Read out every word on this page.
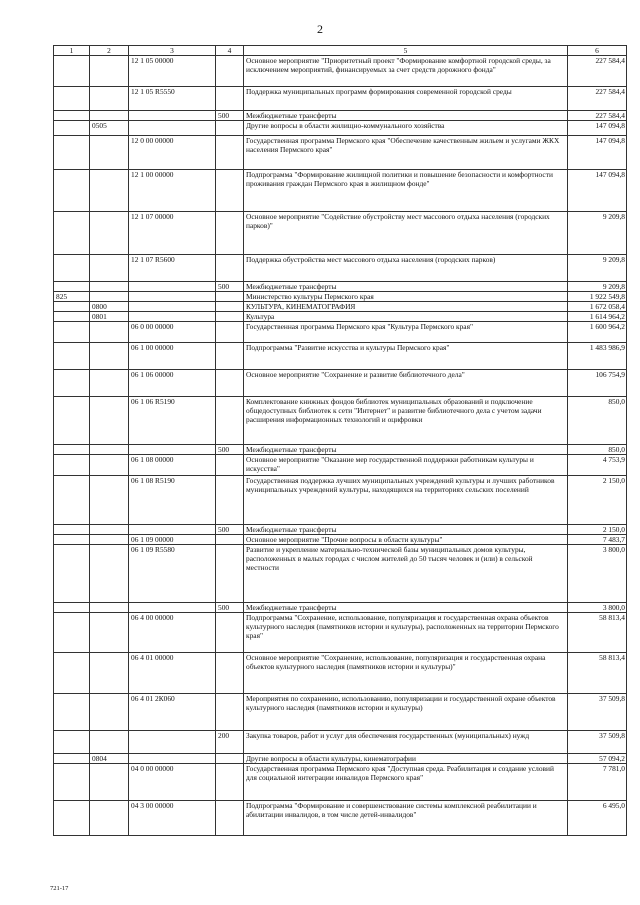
2
1	2	3	4	5	6
		12 1 05 00000		Основное мероприятие "Приоритетный проект "Формирование комфортной городской среды, за исключением мероприятий, финансируемых за счет средств дорожного фонда"	227 584,4
		12 1 05 R5550		Поддержка муниципальных программ формирования современной городской среды	227 584,4
			500	Межбюджетные трансферты	227 584,4
	0505			Другие вопросы в области жилищно-коммунального хозяйства	147 094,8
		12 0 00 00000		Государственная программа Пермского края "Обеспечение качественным жильем и услугами ЖКХ населения Пермского края"	147 094,8
		12 1 00 00000		Подпрограмма "Формирование жилищной политики и повышение безопасности и комфортности проживания граждан Пермского края в жилищном фонде"	147 094,8
		12 1 07 00000		Основное мероприятие "Содействие обустройству мест массового отдыха населения (городских парков)"	9 209,8
		12 1 07 R5600		Поддержка обустройства мест массового отдыха населения (городских парков)	9 209,8
			500	Межбюджетные трансферты	9 209,8
825				Министерство культуры Пермского края	1 922 549,8
	0800			КУЛЬТУРА, КИНЕМАТОГРАФИЯ	1 672 058,4
	0801			Культура	1 614 964,2
		06 0 00 00000		Государственная программа Пермского края "Культура Пермского края"	1 600 964,2
		06 1 00 00000		Подпрограмма "Развитие искусства и культуры Пермского края"	1 483 986,9
		06 1 06 00000		Основное мероприятие "Сохранение и развитие библиотечного дела"	106 754,9
		06 1 06 R5190		Комплектование книжных фондов библиотек муниципальных образований и подключение общедоступных библиотек к сети "Интернет" и развитие библиотечного дела с учетом задачи расширения информационных технологий и оцифровки	850,0
			500	Межбюджетные трансферты	850,0
		06 1 08 00000		Основное мероприятие "Оказание мер государственной поддержки работникам культуры и искусства"	4 753,9
		06 1 08 R5190		Государственная поддержка лучших муниципальных учреждений культуры и лучших работников муниципальных учреждений культуры, находящихся на территориях сельских поселений	2 150,0
			500	Межбюджетные трансферты	2 150,0
		06 1 09 00000		Основное мероприятие "Прочие вопросы в области культуры"	7 483,7
		06 1 09 R5580		Развитие и укрепление материально-технической базы муниципальных домов культуры, расположенных в малых городах с числом жителей до 50 тысяч человек и (или) в сельской местности	3 800,0
			500	Межбюджетные трансферты	3 800,0
		06 4 00 00000		Подпрограмма "Сохранение, использование, популяризация и государственная охрана объектов культурного наследия (памятников истории и культуры), расположенных на территории Пермского края"	58 813,4
		06 4 01 00000		Основное мероприятие "Сохранение, использование, популяризация и государственная охрана объектов культурного наследия (памятников истории и культуры)"	58 813,4
		06 4 01 2К060		Мероприятия по сохранению, использованию, популяризации и государственной охране объектов культурного наследия (памятников истории и культуры)	37 509,8
			200	Закупка товаров, работ и услуг для обеспечения государственных (муниципальных) нужд	37 509,8
	0804			Другие вопросы в области культуры, кинематографии	57 094,2
		04 0 00 00000		Государственная программа Пермского края "Доступная среда. Реабилитация и создание условий для социальной интеграции инвалидов Пермского края"	7 781,0
		04 3 00 00000		Подпрограмма "Формирование и совершенствование системы комплексной реабилитации и абилитации инвалидов, в том числе детей-инвалидов"	6 495,0
721-17
